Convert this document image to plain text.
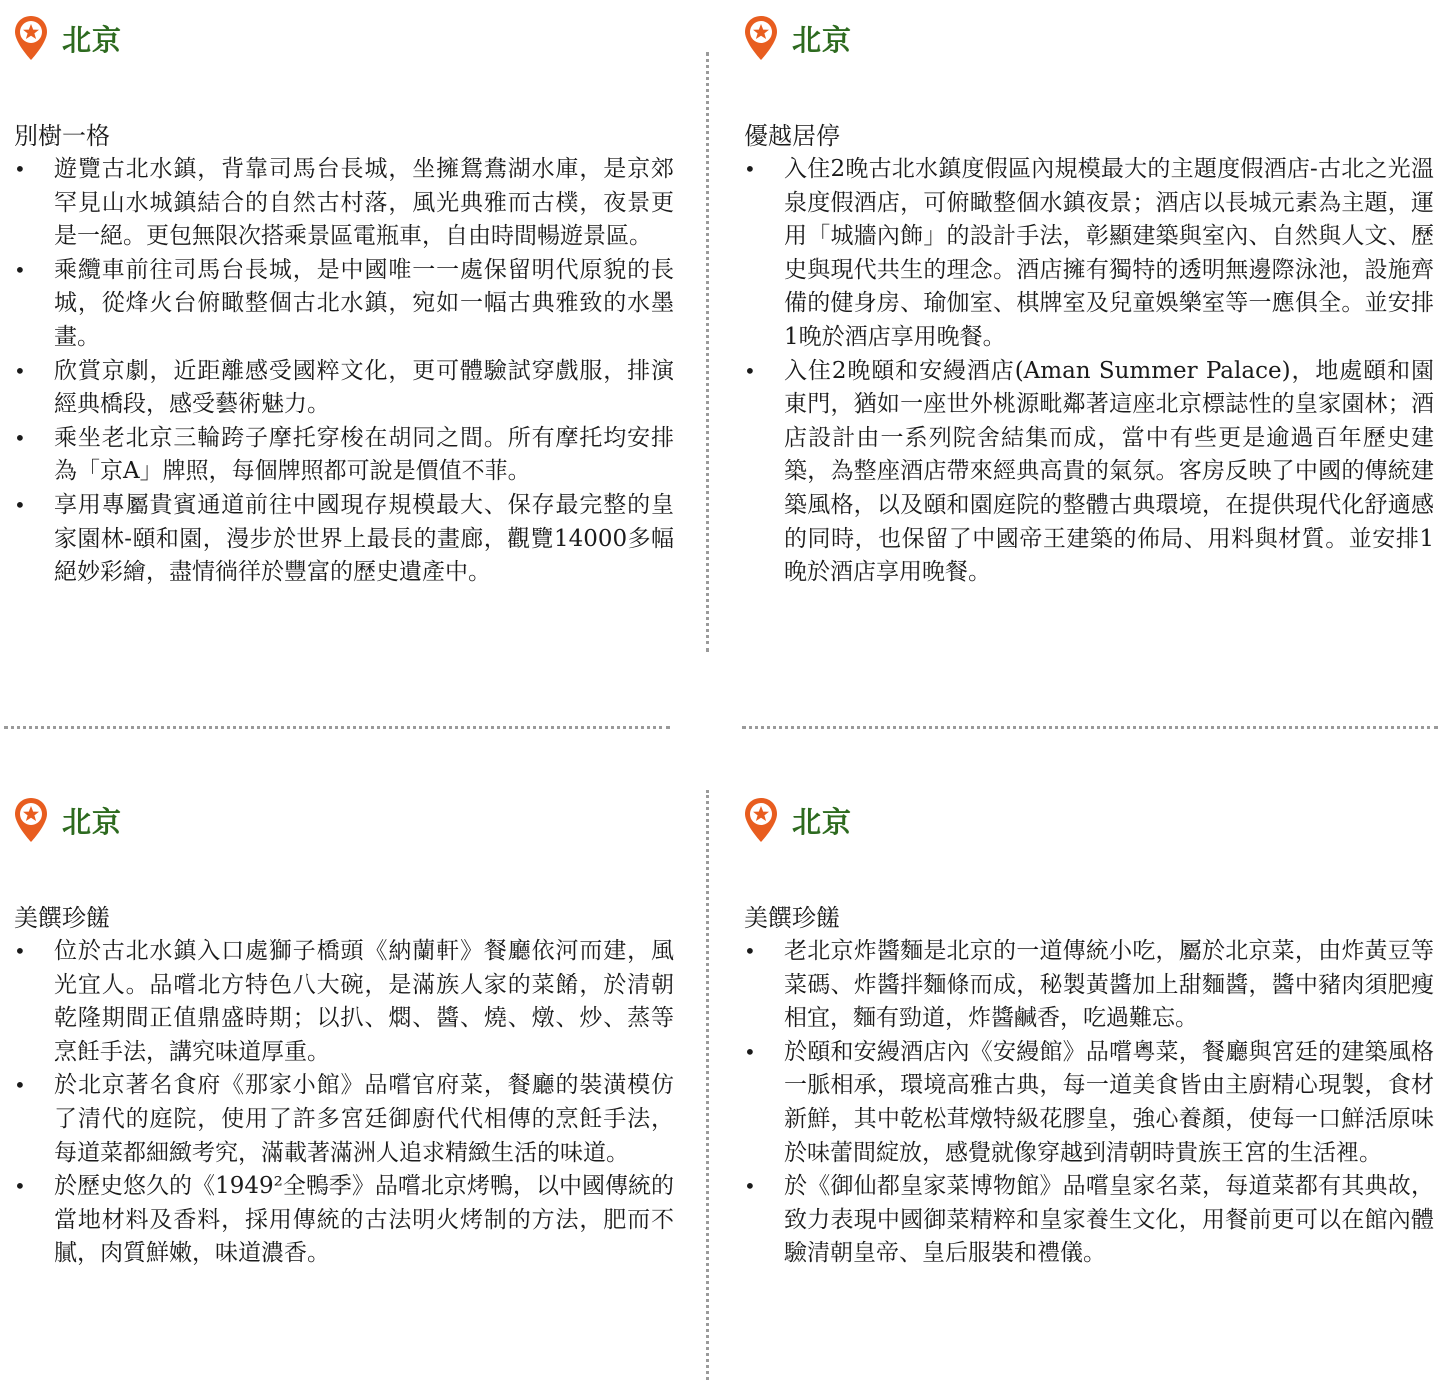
北京
別樹一格
• 遊覽古北水鎮，背靠司馬台長城，坐擁鴛鴦湖水庫，是京郊罕見山水城鎮結合的自然古村落，風光典雅而古樸，夜景更是一絕。更包無限次搭乘景區電瓶車，自由時間暢遊景區。
• 乘纜車前往司馬台長城，是中國唯一一處保留明代原貌的長城，從烽火台俯瞰整個古北水鎮，宛如一幅古典雅致的水墨畫。
• 欣賞京劇，近距離感受國粹文化，更可體驗試穿戲服，排演經典橋段，感受藝術魅力。
• 乘坐老北京三輪跨子摩托穿梭在胡同之間。所有摩托均安排為「京A」牌照，每個牌照都可說是價值不菲。
• 享用專屬貴賓通道前往中國現存規模最大、保存最完整的皇家園林-頤和園，漫步於世界上最長的畫廊，觀覽14000多幅絕妙彩繪，盡情徜徉於豐富的歷史遺產中。
北京
優越居停
• 入住2晚古北水鎮度假區內規模最大的主題度假酒店-古北之光溫泉度假酒店，可俯瞰整個水鎮夜景；酒店以長城元素為主題，運用「城牆內飾」的設計手法，彰顯建築與室內、自然與人文、歷史與現代共生的理念。酒店擁有獨特的透明無邊際泳池，設施齊備的健身房、瑜伽室、棋牌室及兒童娛樂室等一應俱全。並安排1晚於酒店享用晚餐。
• 入住2晚頤和安縵酒店(Aman Summer Palace)，地處頤和園東門，猶如一座世外桃源毗鄰著這座北京標誌性的皇家園林；酒店設計由一系列院舍結集而成，當中有些更是逾過百年歷史建築，為整座酒店帶來經典高貴的氣氛。客房反映了中國的傳統建築風格，以及頤和園庭院的整體古典環境，在提供現代化舒適感的同時，也保留了中國帝王建築的佈局、用料與材質。並安排1晚於酒店享用晚餐。
北京
美饌珍饈
• 位於古北水鎮入口處獅子橋頭《納蘭軒》餐廳依河而建，風光宜人。品嚐北方特色八大碗，是滿族人家的菜餚，於清朝乾隆期間正值鼎盛時期；以扒、燜、醬、燒、燉、炒、蒸等烹飪手法，講究味道厚重。
• 於北京著名食府《那家小館》品嚐官府菜，餐廳的裝潢模仿了清代的庭院，使用了許多宮廷御廚代代相傳的烹飪手法，每道菜都細緻考究，滿載著滿洲人追求精緻生活的味道。
• 於歷史悠久的《1949²全鴨季》品嚐北京烤鴨，以中國傳統的當地材料及香料，採用傳統的古法明火烤制的方法，肥而不膩，肉質鮮嫩，味道濃香。
北京
美饌珍饈
• 老北京炸醬麵是北京的一道傳統小吃，屬於北京菜，由炸黃豆等菜碼、炸醬拌麵條而成，秘製黃醬加上甜麵醬，醬中豬肉須肥瘦相宜，麵有勁道，炸醬鹹香，吃過難忘。
• 於頤和安縵酒店內《安縵館》品嚐粵菜，餐廳與宮廷的建築風格一脈相承，環境高雅古典，每一道美食皆由主廚精心現製，食材新鮮，其中乾松茸燉特級花膠皇，強心養顏，使每一口鮮活原味於味蕾間綻放，感覺就像穿越到清朝時貴族王宮的生活裡。
• 於《御仙都皇家菜博物館》品嚐皇家名菜，每道菜都有其典故，致力表現中國御菜精粹和皇家養生文化，用餐前更可以在館內體驗清朝皇帝、皇后服裝和禮儀。
